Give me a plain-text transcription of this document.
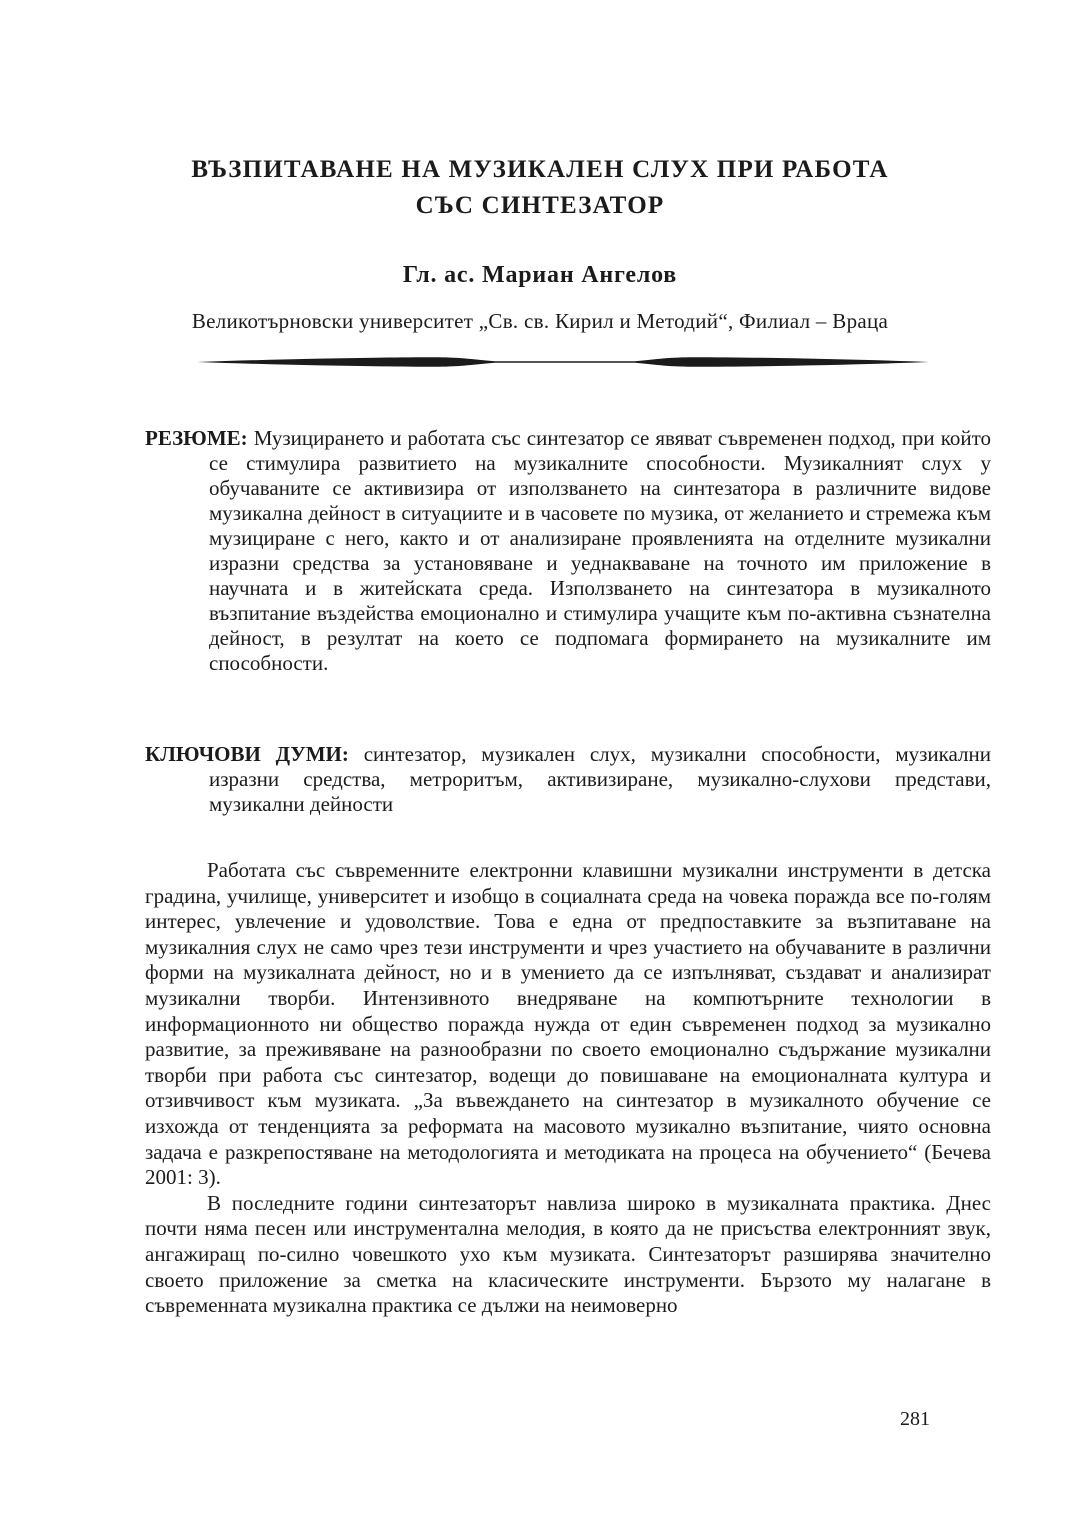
ВЪЗПИТАВАНЕ НА МУЗИКАЛЕН СЛУХ ПРИ РАБОТА
СЪС СИНТЕЗАТОР
Гл. ас. Мариан Ангелов
Великотърновски университет „Св. св. Кирил и Методий“, Филиал – Враца

РЕЗЮМЕ: Музицирането и работата със синтезатор се явяват съвременен подход, при който се стимулира развитието на музикалните способности. Музикалният слух у обучаваните се активизира от използването на синтезатора в различните видове музикална дейност в ситуациите и в часовете по музика, от желанието и стремежа към музициране с него, както и от анализиране проявленията на отделните музикални изразни средства за установяване и уеднакваване на точното им приложение в научната и в житейската среда. Използването на синтезатора в музикалното възпитание въздейства емоционално и стимулира учащите към по-активна съзнателна дейност, в резултат на което се подпомага формирането на музикалните им способности.

КЛЮЧОВИ ДУМИ: синтезатор, музикален слух, музикални способности, музикални изразни средства, метроритъм, активизиране, музикално-слухови представи, музикални дейности

Работата със съвременните електронни клавишни музикални инструменти в детска градина, училище, университет и изобщо в социалната среда на човека поражда все по-голям интерес, увлечение и удоволствие. Това е една от предпоставките за възпитаване на музикалния слух не само чрез тези инструменти и чрез участието на обучаваните в различни форми на музикалната дейност, но и в умението да се изпълняват, създават и анализират музикални творби. Интензивното внедряване на компютърните технологии в информационното ни общество поражда нужда от един съвременен подход за музикално развитие, за преживяване на разнообразни по своето емоционално съдържание музикални творби при работа със синтезатор, водещи до повишаване на емоционалната култура и отзивчивост към музиката. „За въвеждането на синтезатор в музикалното обучение се изхожда от тенденцията за реформата на масовото музикално възпитание, чиято основна задача е разкрепостяване на методологията и методиката на процеса на обучението“ (Бечева 2001: 3).

В последните години синтезаторът навлиза широко в музикалната практика. Днес почти няма песен или инструментална мелодия, в която да не присъства електронният звук, ангажиращ по-силно човешкото ухо към музиката. Синтезаторът разширява значително своето приложение за сметка на класическите инструменти. Бързото му налагане в съвременната музикална практика се дължи на неимоверно

281
